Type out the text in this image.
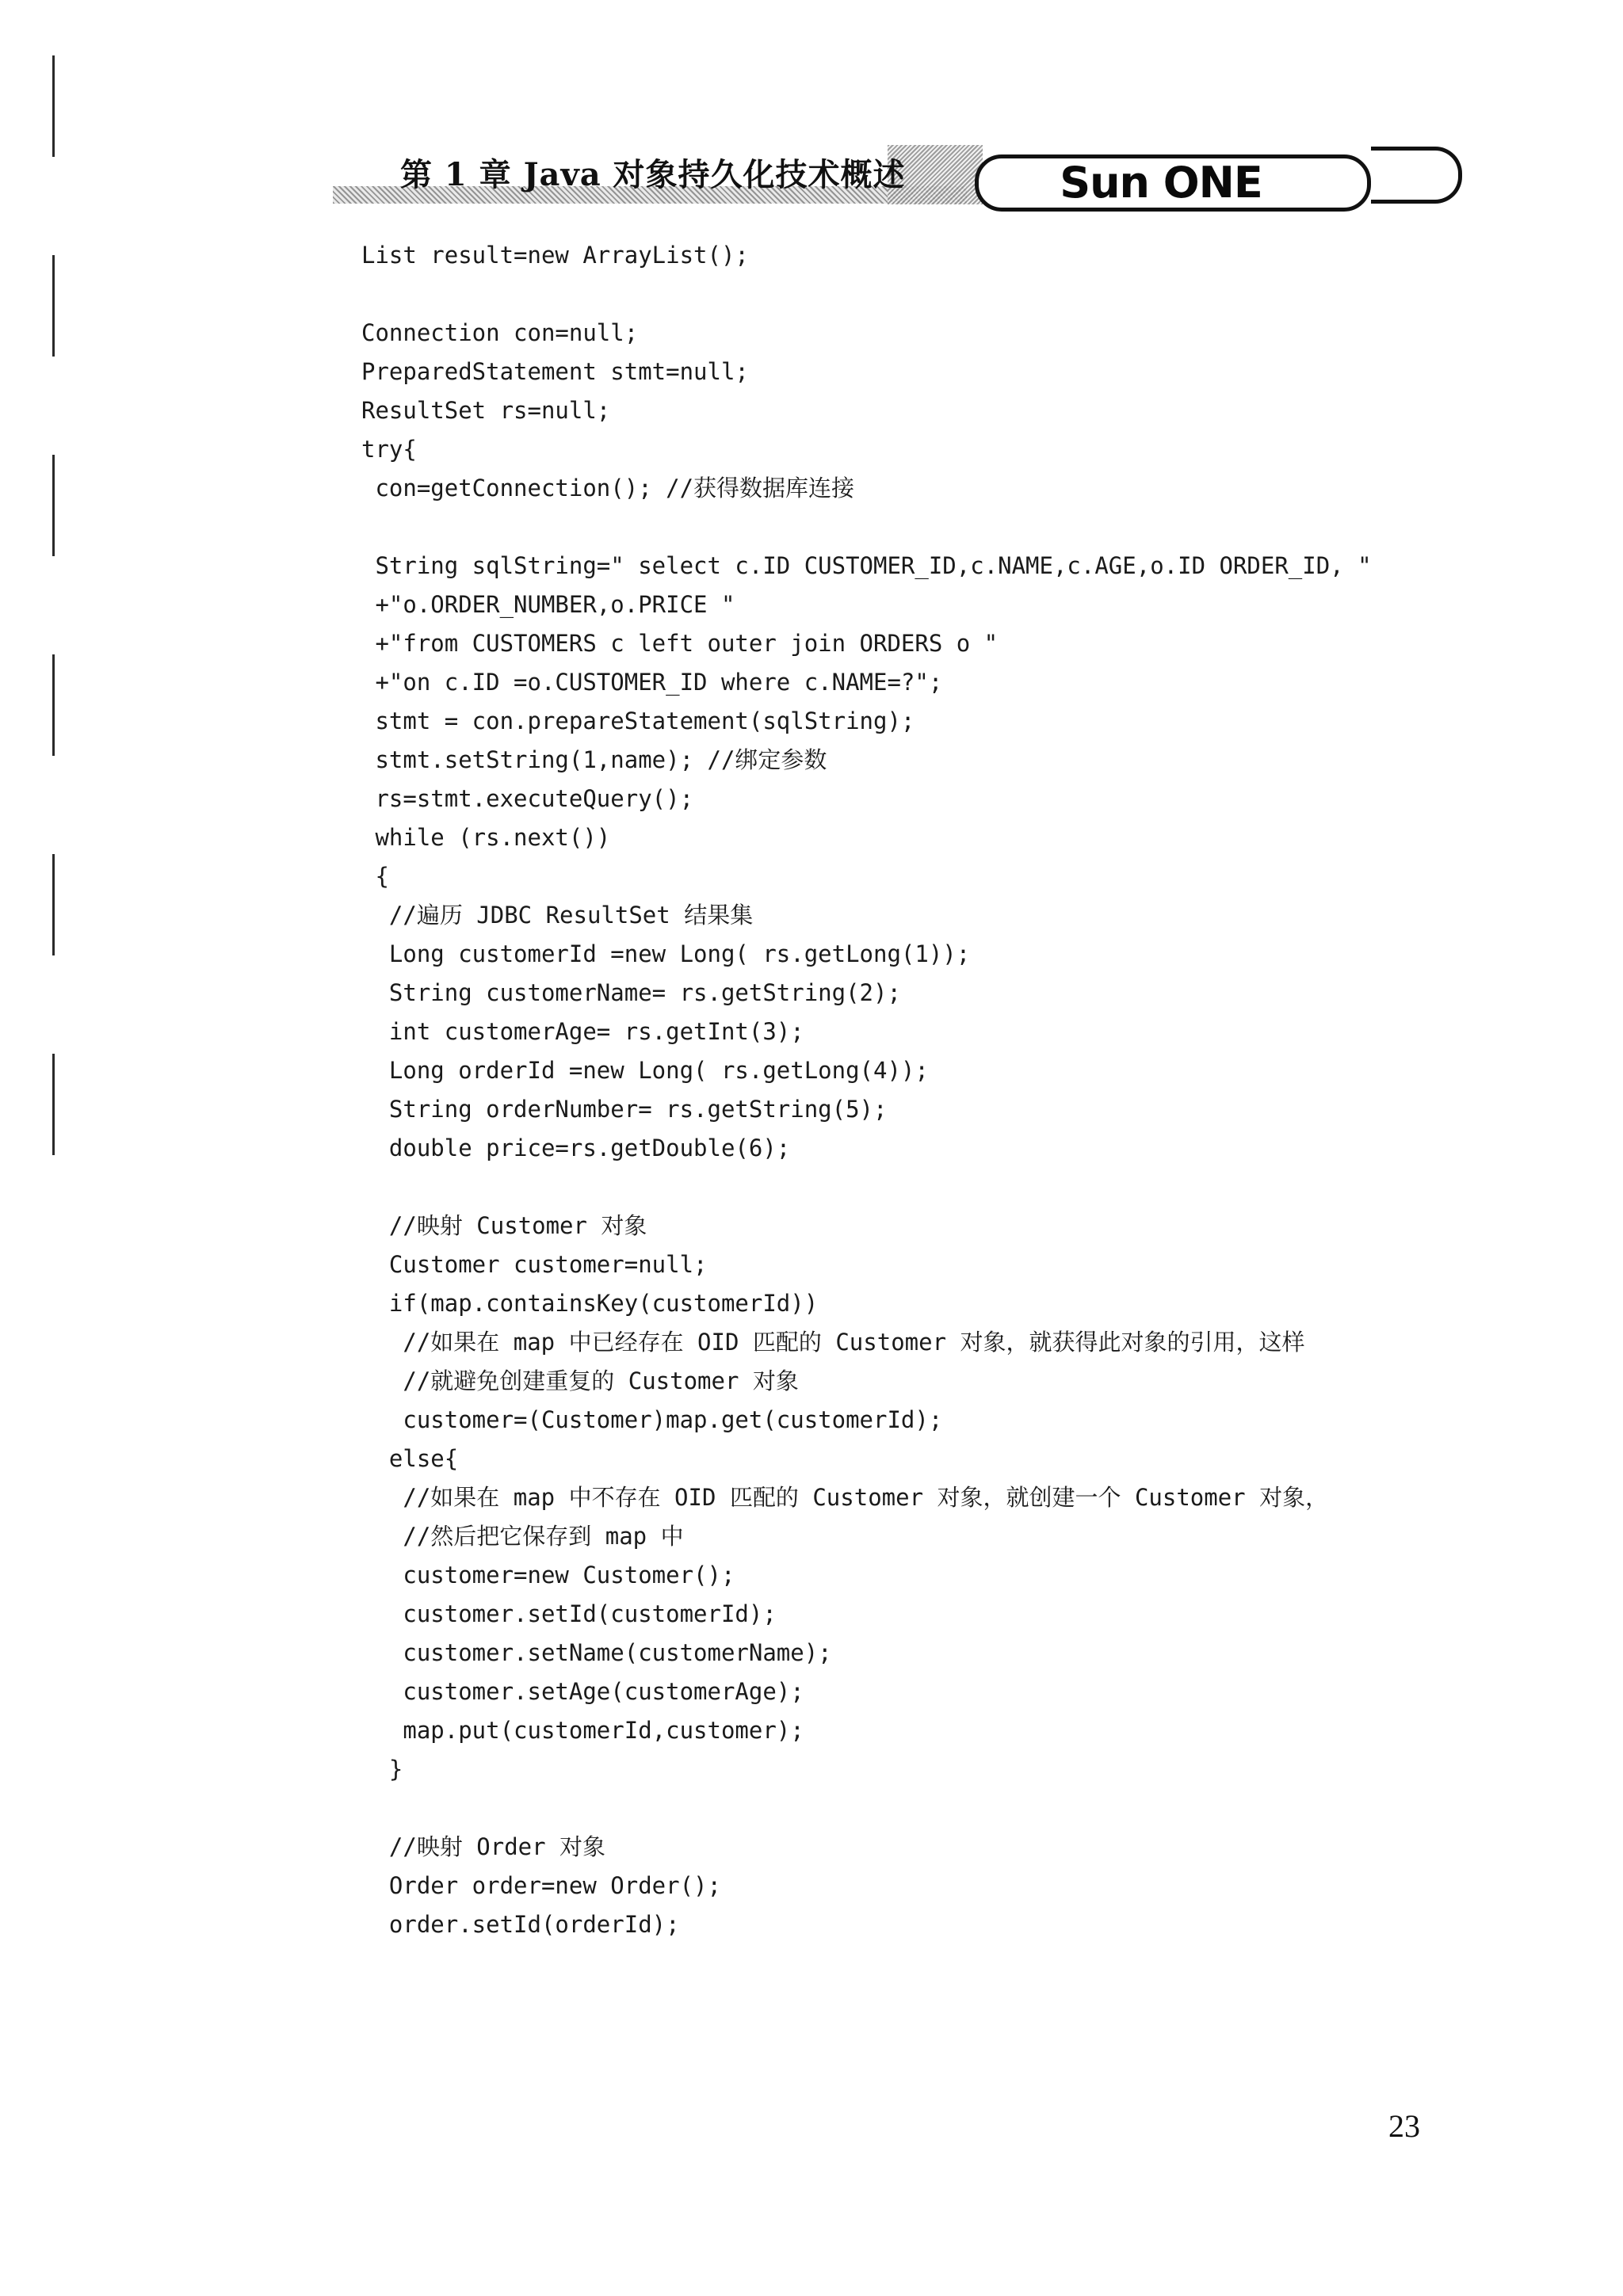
第 1 章 Java 对象持久化技术概述	Sun ONE
List result=new ArrayList();
Connection con=null;
PreparedStatement stmt=null;
ResultSet rs=null;
try{
con=getConnection(); //获得数据库连接
String sqlString=" select c.ID CUSTOMER_ID,c.NAME,c.AGE,o.ID ORDER_ID, "
+"o.ORDER_NUMBER,o.PRICE "
+"from CUSTOMERS c left outer join ORDERS o "
+"on c.ID =o.CUSTOMER_ID where c.NAME=?";
stmt = con.prepareStatement(sqlString);
stmt.setString(1,name); //绑定参数
rs=stmt.executeQuery();
while (rs.next())
{
//遍历 JDBC ResultSet 结果集
Long customerId =new Long( rs.getLong(1));
String customerName= rs.getString(2);
int customerAge= rs.getInt(3);
Long orderId =new Long( rs.getLong(4));
String orderNumber= rs.getString(5);
double price=rs.getDouble(6);
//映射 Customer 对象
Customer customer=null;
if(map.containsKey(customerId))
//如果在 map 中已经存在 OID 匹配的 Customer 对象，就获得此对象的引用，这样
//就避免创建重复的 Customer 对象
customer=(Customer)map.get(customerId);
else{
//如果在 map 中不存在 OID 匹配的 Customer 对象，就创建一个 Customer 对象，
//然后把它保存到 map 中
customer=new Customer();
customer.setId(customerId);
customer.setName(customerName);
customer.setAge(customerAge);
map.put(customerId,customer);
}
//映射 Order 对象
Order order=new Order();
order.setId(orderId);
23
